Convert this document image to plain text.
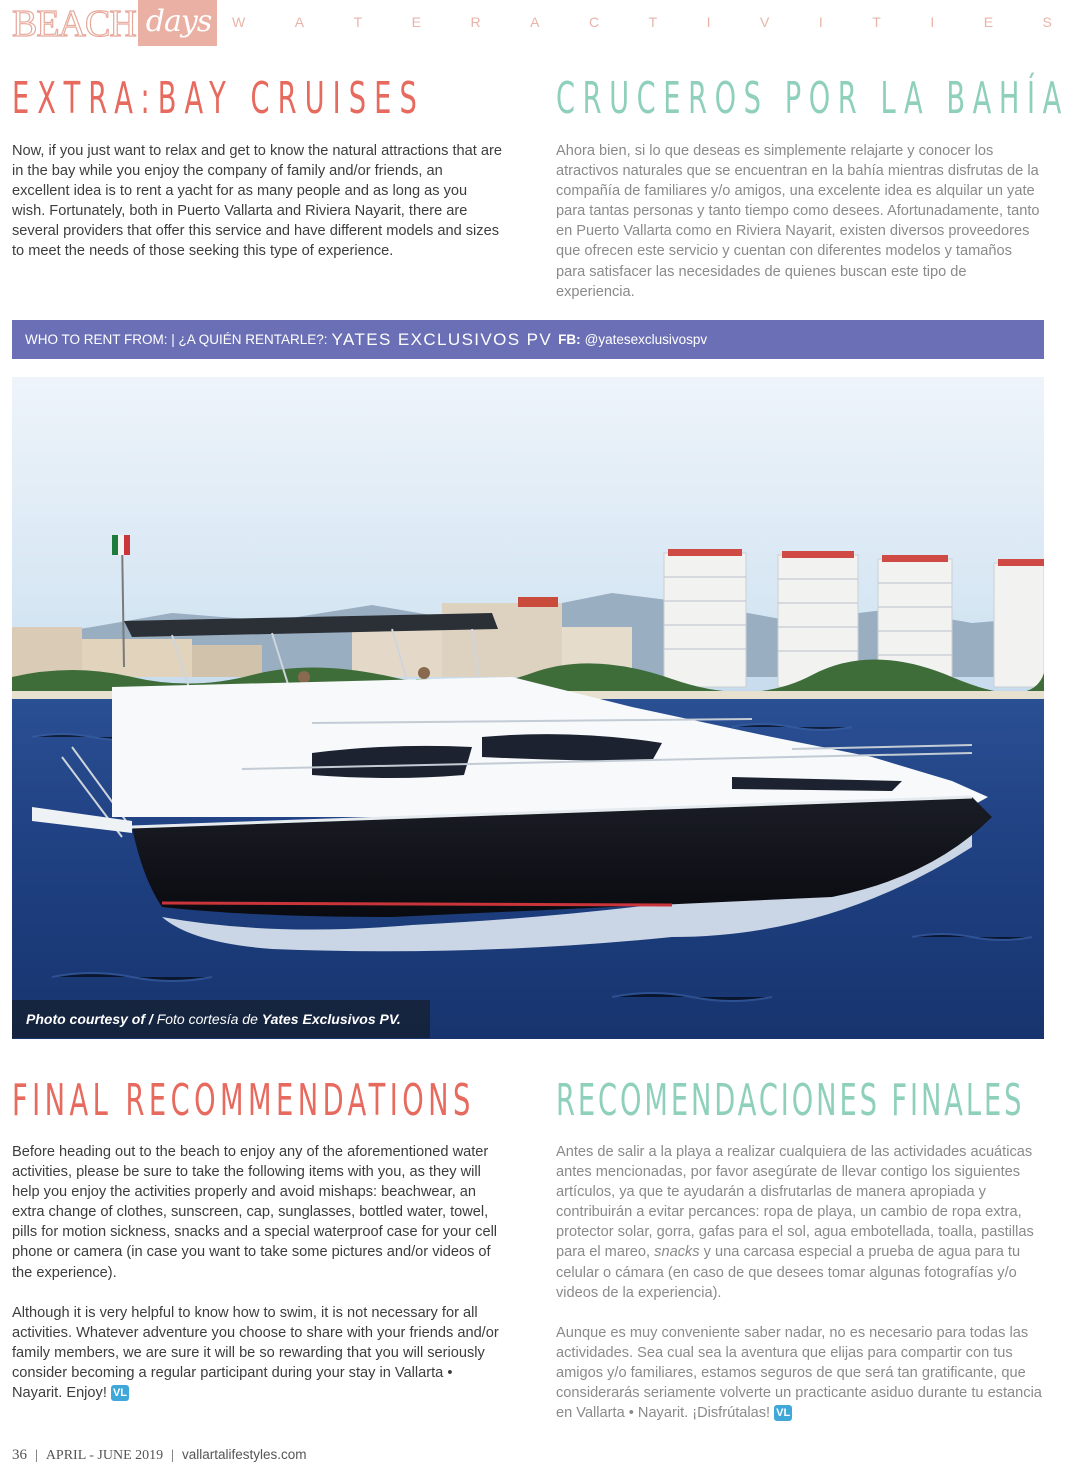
BEACH days	W	A	T	E	R	A	C	T	I	V	I	T	I	E	S
EXTRA:BAY CRUISES	CRUCEROS POR LA BAHÍA

Now, if you just want to relax and get to know the natural attractions that are in the bay while you enjoy the company of family and/or friends, an excellent idea is to rent a yacht for as many people and as long as you wish. Fortunately, both in Puerto Vallarta and Riviera Nayarit, there are several providers that offer this service and have different models and sizes to meet the needs of those seeking this type of experience.

Ahora bien, si lo que deseas es simplemente relajarte y conocer los atractivos naturales que se encuentran en la bahía mientras disfrutas de la compañía de familiares y/o amigos, una excelente idea es alquilar un yate para tantas personas y tanto tiempo como desees. Afortunadamente, tanto en Puerto Vallarta como en Riviera Nayarit, existen diversos proveedores que ofrecen este servicio y cuentan con diferentes modelos y tamaños para satisfacer las necesidades de quienes buscan este tipo de experiencia.

WHO TO RENT FROM: | ¿A QUIÉN RENTARLE?: YATES EXCLUSIVOS PV FB: @yatesexclusivospv
Photo courtesy of /
Foto cortesía de
Yates Exclusivos PV.
FINAL RECOMMENDATIONS RECOMENDACIONES FINALES

Before heading out to the beach to enjoy any of the aforementioned water activities, please be sure to take the following items with you, as they will help you enjoy the activities properly and avoid mishaps: beachwear, an extra change of clothes, sunscreen, cap, sunglasses, bottled water, towel, pills for motion sickness, snacks and a special waterproof case for your cell phone or camera (in case you want to take some pictures and/or videos of the experience).

Although it is very helpful to know how to swim, it is not necessary for all activities. Whatever adventure you choose to share with your friends and/or family members, we are sure it will be so rewarding that you will seriously consider becoming a regular participant during your stay in Vallarta • Nayarit. Enjoy! VL

Antes de salir a la playa a realizar cualquiera de las actividades acuáticas antes mencionadas, por favor asegúrate de llevar contigo los siguientes artículos, ya que te ayudarán a disfrutarlas de manera apropiada y contribuirán a evitar percances: ropa de playa, un cambio de ropa extra, protector solar, gorra, gafas para el sol, agua embotellada, toalla, pastillas para el mareo, snacks y una carcasa especial a prueba de agua para tu celular o cámara (en caso de que desees tomar algunas fotografías y/o videos de la experiencia).

Aunque es muy conveniente saber nadar, no es necesario para todas las actividades. Sea cual sea la aventura que elijas para compartir con tus amigos y/o familiares, estamos seguros de que será tan gratificante, que considerarás seriamente volverte un practicante asiduo durante tu estancia en Vallarta • Nayarit. ¡Disfrútalas! VL

36 | APRIL - JUNE 2019 | vallartalifestyles.com
